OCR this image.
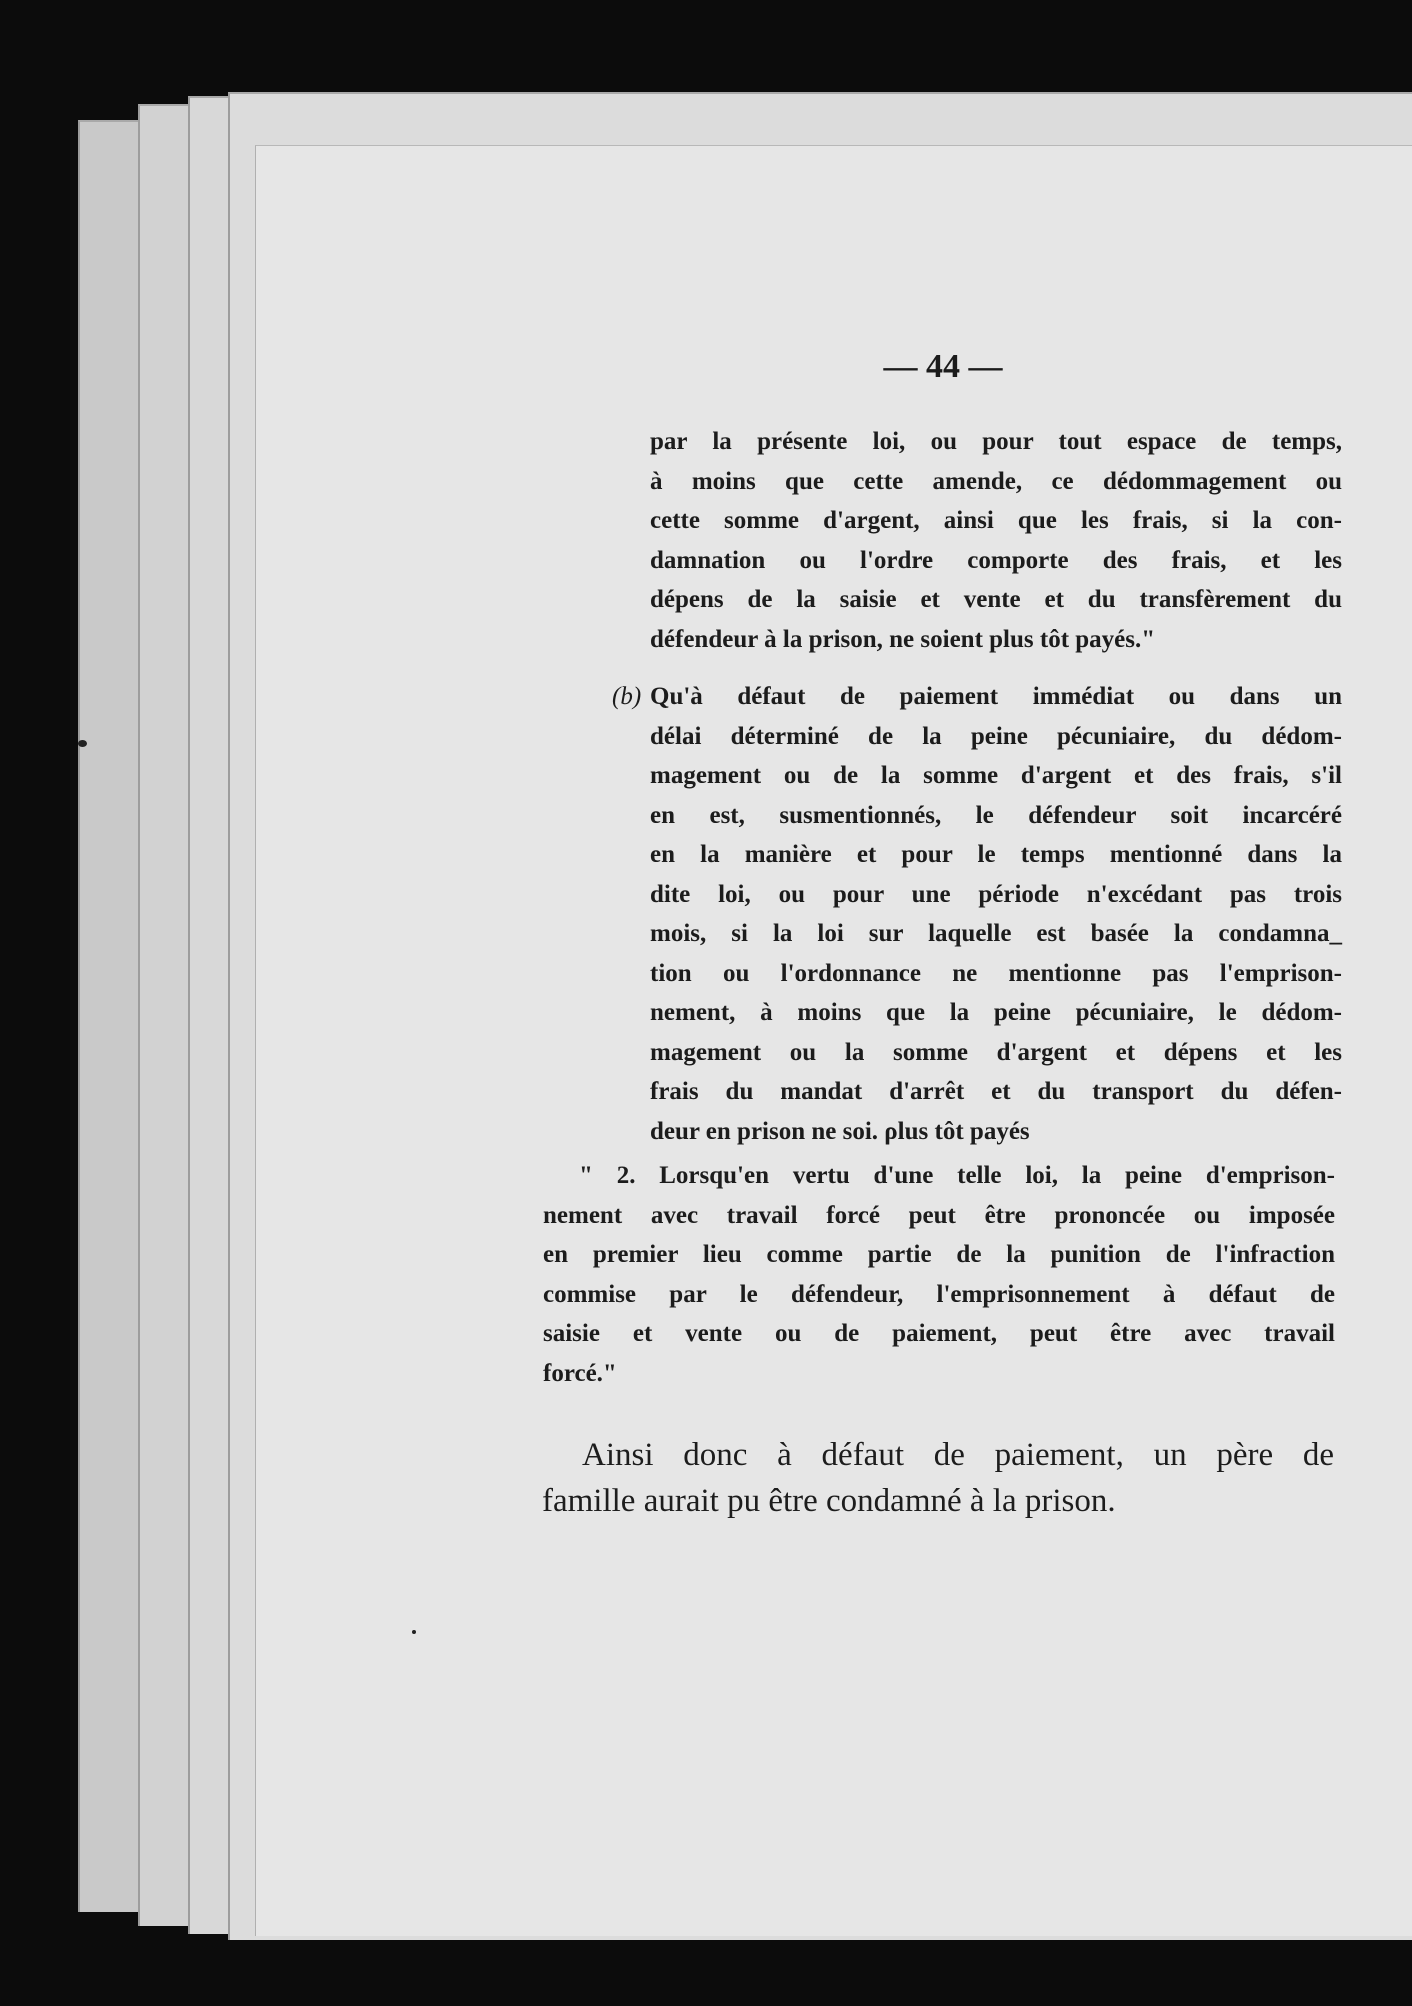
— 44 —
par la présente loi, ou pour tout espace de temps,
à moins que cette amende, ce dédommagement ou
cette somme d'argent, ainsi que les frais, si la con-
damnation ou l'ordre comporte des frais, et les
dépens de la saisie et vente et du transfèrement du
défendeur à la prison, ne soient plus tôt payés."
(b) Qu'à défaut de paiement immédiat ou dans un
délai déterminé de la peine pécuniaire, du dédom-
magement ou de la somme d'argent et des frais, s'il
en est, susmentionnés, le défendeur soit incarcéré
en la manière et pour le temps mentionné dans la
dite loi, ou pour une période n'excédant pas trois
mois, si la loi sur laquelle est basée la condamna_
tion ou l'ordonnance ne mentionne pas l'emprison-
nement, à moins que la peine pécuniaire, le dédom-
magement ou la somme d'argent et dépens et les
frais du mandat d'arrêt et du transport du défen-
deur en prison ne soi. ρlus tôt payés
" 2. Lorsqu'en vertu d'une telle loi, la peine d'emprison-
nement avec travail forcé peut être prononcée ou imposée
en premier lieu comme partie de la punition de l'infraction
commise par le défendeur, l'emprisonnement à défaut de
saisie et vente ou de paiement, peut être avec travail
forcé."
Ainsi donc à défaut de paiement, un père de
famille aurait pu être condamné à la prison.
